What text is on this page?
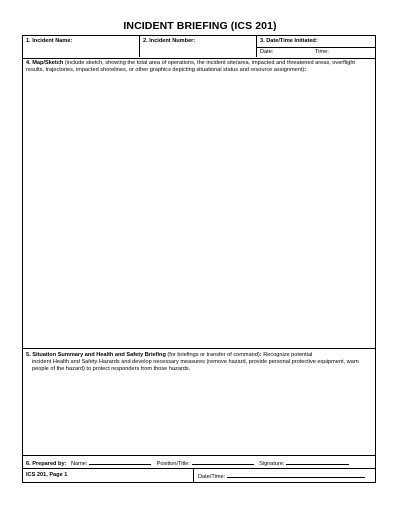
INCIDENT BRIEFING (ICS 201)
1. Incident Name:	2. Incident Number:	3. Date/Time Initiated:
Date:	Time:
4. Map/Sketch (include sketch, showing the total area of operations, the incident site/area, impacted and threatened areas, overflight results, trajectories, impacted shorelines, or other graphics depicting situational status and resource assignment):
5. Situation Summary and Health and Safety Briefing (for briefings or transfer of command): Recognize potential
incident Health and Safety Hazards and develop necessary measures (remove hazard, provide personal protective equipment, warn people of the hazard) to protect responders from those hazards.
6. Prepared by: Name:	Position/Title:	Signature:
ICS 201, Page 1	Date/Time:
